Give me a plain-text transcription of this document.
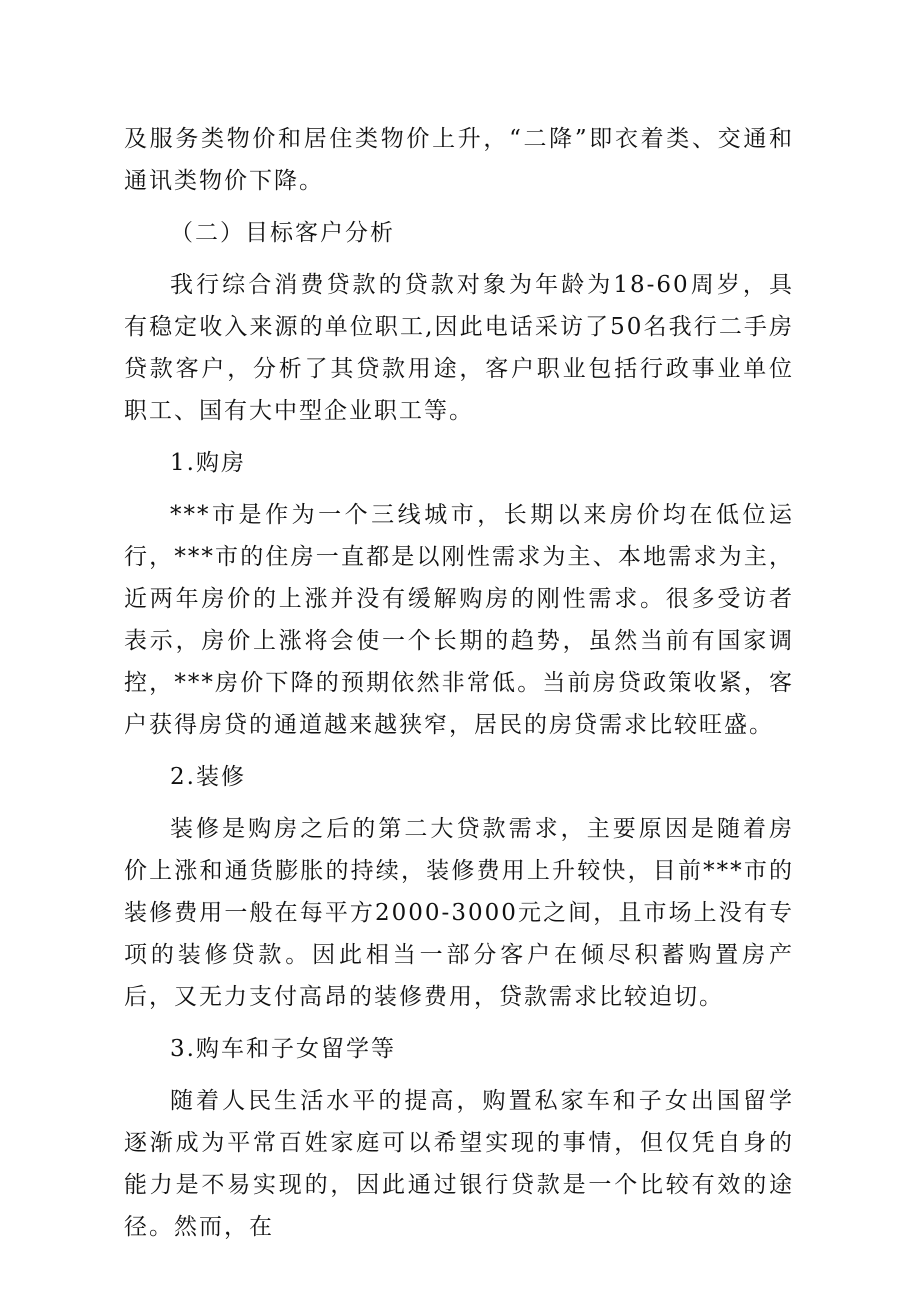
及服务类物价和居住类物价上升，“二降”即衣着类、交通和通讯类物价下降。

（二）目标客户分析

我行综合消费贷款的贷款对象为年龄为18-60周岁，具有稳定收入来源的单位职工,因此电话采访了50名我行二手房贷款客户，分析了其贷款用途，客户职业包括行政事业单位职工、国有大中型企业职工等。

1.购房

***市是作为一个三线城市，长期以来房价均在低位运行，***市的住房一直都是以刚性需求为主、本地需求为主，近两年房价的上涨并没有缓解购房的刚性需求。很多受访者表示，房价上涨将会使一个长期的趋势，虽然当前有国家调控，***房价下降的预期依然非常低。当前房贷政策收紧，客户获得房贷的通道越来越狭窄，居民的房贷需求比较旺盛。

2.装修

装修是购房之后的第二大贷款需求，主要原因是随着房价上涨和通货膨胀的持续，装修费用上升较快，目前***市的装修费用一般在每平方2000-3000元之间，且市场上没有专项的装修贷款。因此相当一部分客户在倾尽积蓄购置房产后，又无力支付高昂的装修费用，贷款需求比较迫切。

3.购车和子女留学等

随着人民生活水平的提高，购置私家车和子女出国留学逐渐成为平常百姓家庭可以希望实现的事情，但仅凭自身的能力是不易实现的，因此通过银行贷款是一个比较有效的途径。然而，在
